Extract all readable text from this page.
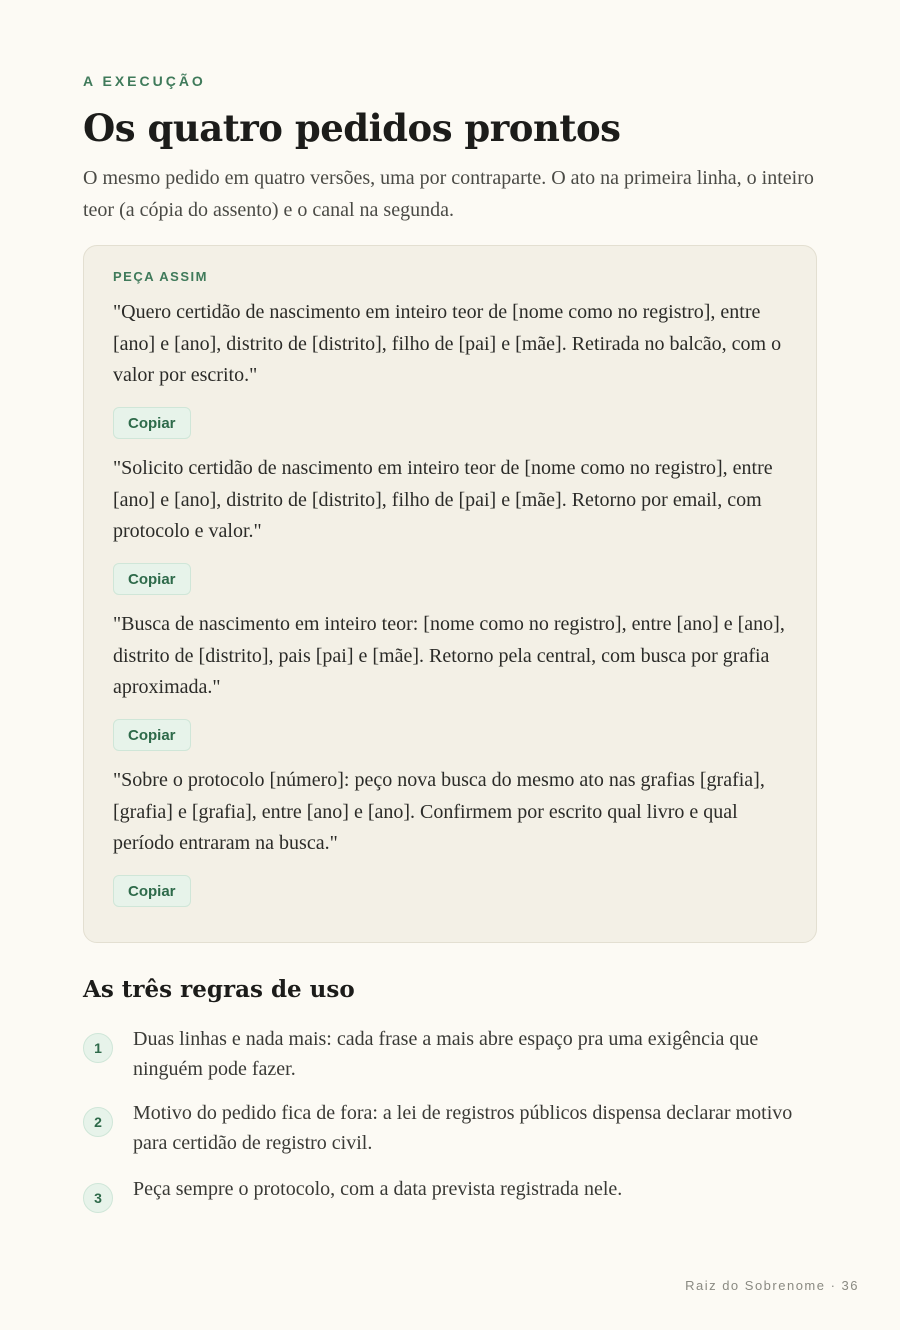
A EXECUÇÃO
Os quatro pedidos prontos

O mesmo pedido em quatro versões, uma por contraparte. O ato na primeira linha, o inteiro teor (a cópia do assento) e o canal na segunda.

PEÇA ASSIM

"Quero certidão de nascimento em inteiro teor de [nome como no registro], entre [ano] e [ano], distrito de [distrito], filho de [pai] e [mãe]. Retirada no balcão, com o valor por escrito."

Copiar

"Solicito certidão de nascimento em inteiro teor de [nome como no registro], entre [ano] e [ano], distrito de [distrito], filho de [pai] e [mãe]. Retorno por email, com protocolo e valor."

Copiar

"Busca de nascimento em inteiro teor: [nome como no registro], entre [ano] e [ano], distrito de [distrito], pais [pai] e [mãe]. Retorno pela central, com busca por grafia aproximada."

Copiar

"Sobre o protocolo [número]: peço nova busca do mesmo ato nas grafias [grafia], [grafia] e [grafia], entre [ano] e [ano]. Confirmem por escrito qual livro e qual período entraram na busca."

Copiar
As três regras de uso
1	Duas linhas e nada mais: cada frase a mais abre espaço pra uma exigência que ninguém pode fazer.

2	Motivo do pedido fica de fora: a lei de registros públicos dispensa declarar motivo para certidão de registro civil.

3	Peça sempre o protocolo, com a data prevista registrada nele.

Raiz do Sobrenome · 36
